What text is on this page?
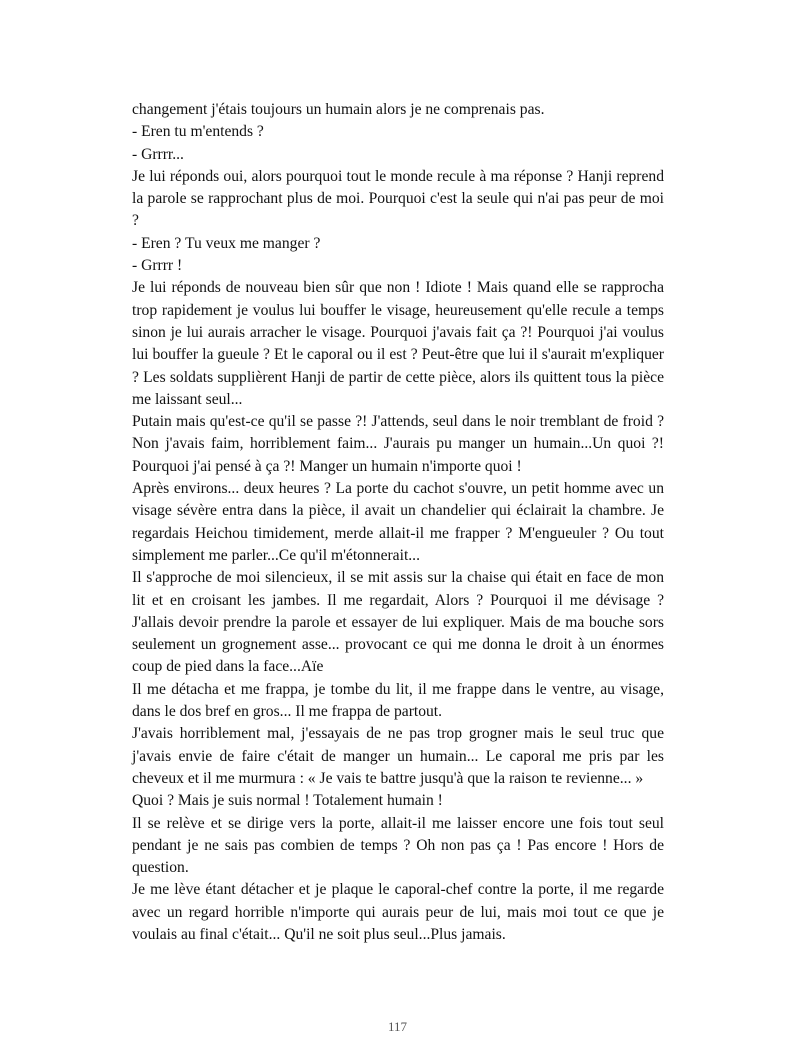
changement j'étais toujours un humain alors je ne comprenais pas.

- Eren tu m'entends ?

- Grrrr...

Je lui réponds oui, alors pourquoi tout le monde recule à ma réponse ? Hanji reprend la parole se rapprochant plus de moi. Pourquoi c'est la seule qui n'ai pas peur de moi ?

- Eren ? Tu veux me manger ?

- Grrrr !

Je lui réponds de nouveau bien sûr que non ! Idiote ! Mais quand elle se rapprocha trop rapidement je voulus lui bouffer le visage, heureusement qu'elle recule a temps sinon je lui aurais arracher le visage. Pourquoi j'avais fait ça ?! Pourquoi j'ai voulus lui bouffer la gueule ? Et le caporal ou il est ? Peut-être que lui il s'aurait m'expliquer ? Les soldats supplièrent Hanji de partir de cette pièce, alors ils quittent tous la pièce me laissant seul...

Putain mais qu'est-ce qu'il se passe ?! J'attends, seul dans le noir tremblant de froid ? Non j'avais faim, horriblement faim... J'aurais pu manger un humain...Un quoi ?! Pourquoi j'ai pensé à ça ?! Manger un humain n'importe quoi !

Après environs... deux heures ? La porte du cachot s'ouvre, un petit homme avec un visage sévère entra dans la pièce, il avait un chandelier qui éclairait la chambre. Je regardais Heichou timidement, merde allait-il me frapper ? M'engueuler ? Ou tout simplement me parler...Ce qu'il m'étonnerait...

Il s'approche de moi silencieux, il se mit assis sur la chaise qui était en face de mon lit et en croisant les jambes. Il me regardait, Alors ? Pourquoi il me dévisage ? J'allais devoir prendre la parole et essayer de lui expliquer. Mais de ma bouche sors seulement un grognement asse... provocant ce qui me donna le droit à un énormes coup de pied dans la face...Aïe

Il me détacha et me frappa, je tombe du lit, il me frappe dans le ventre, au visage, dans le dos bref en gros... Il me frappa de partout.

J'avais horriblement mal, j'essayais de ne pas trop grogner mais le seul truc que j'avais envie de faire c'était de manger un humain... Le caporal me pris par les cheveux et il me murmura : « Je vais te battre jusqu'à que la raison te revienne... »

Quoi ? Mais je suis normal ! Totalement humain !

Il se relève et se dirige vers la porte, allait-il me laisser encore une fois tout seul pendant je ne sais pas combien de temps ? Oh non pas ça ! Pas encore ! Hors de question.

Je me lève étant détacher et je plaque le caporal-chef contre la porte, il me regarde avec un regard horrible n'importe qui aurais peur de lui, mais moi tout ce que je voulais au final c'était... Qu'il ne soit plus seul...Plus jamais.

117
